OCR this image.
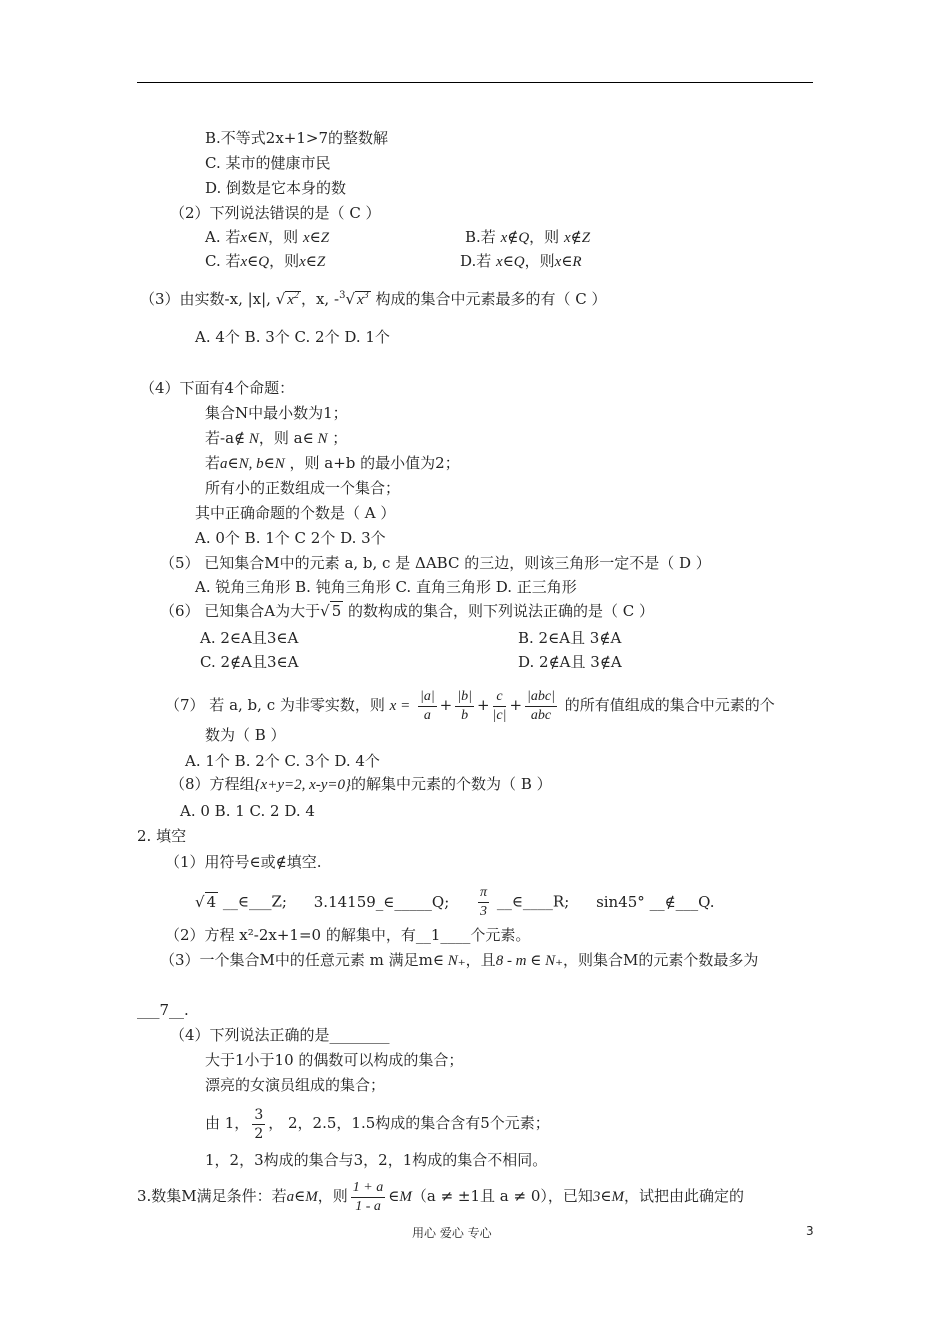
B.不等式2x+1>7的整数解
C. 某市的健康市民
D. 倒数是它本身的数
（2）下列说法错误的是（ C ）
A. 若x∈N，则 x∈Z	B.若 x∉Q，则 x∉Z
C. 若x∈Q，则x∈Z	D.若 x∈Q，则x∈R
（3）由实数-x, |x|, √ $x^2$ ，x, -$^3$√ $x^3$ 构成的集合中元素最多的有（ C ）
A. 4个 B. 3个 C. 2个 D. 1个
（4）下面有4个命题：
集合N中最小数为1；
若-a∉ N，则 a∈ N ；
若a∈N, b∈N ，则 a+b 的最小值为2；
所有小的正数组成一个集合；
其中正确命题的个数是（ A ）
A. 0个 B. 1个 C 2个 D. 3个
（5） 已知集合M中的元素 a, b, c 是 ΔABC 的三边，则该三角形一定不是（ D ）
A. 锐角三角形 B. 钝角三角形 C. 直角三角形 D. 正三角形
（6） 已知集合A为大于√ 5 的数构成的集合，则下列说法正确的是（ C ）
A. 2∈A且3∈A	B. 2∈A且 3∉A
C. 2∉A且3∈A	D. 2∉A且 3∉A
（7） 若 a, b, c 为非零实数，则 $x = \frac{|a|}{a} + \frac{|b|}{b} + \frac{c}{|c|} + \frac{\text{|abc|}}{\text{abc}}$ 的所有值组成的集合中元素的个
数为（ B ）
A. 1个 B. 2个 C. 3个 D. 4个
（8）方程组{x+y=2, x-y=0}的解集中元素的个数为（ B ）
A. 0 B. 1 C. 2 D. 4
2. 填空
（1）用符号∈或∉填空.
√ 4 __∈___Z; 3.14159_∈_____Q; $\frac{\pi}{3}$ __∈____R; sin45° __∉___Q.
（2）方程 x²-2x+1=0 的解集中，有__1____个元素。
（3）一个集合M中的任意元素 m 满足m∈ N₊，且8 - m ∈ N₊，则集合M的元素个数最多为
___7__.
（4）下列说法正确的是________
大于1小于10 的偶数可以构成的集合；
漂亮的女演员组成的集合；
由 1， $\frac{3}{2}$ ， 2，2.5，1.5构成的集合含有5个元素；
1，2，3构成的集合与3，2，1构成的集合不相同。
3.数集M满足条件：若a∈M，则 $\frac{1 + a}{1 - a}$ ∈M（a ≠ ±1且 a ≠ 0），已知3∈M，试把由此确定的
用心 爱心 专心	3
